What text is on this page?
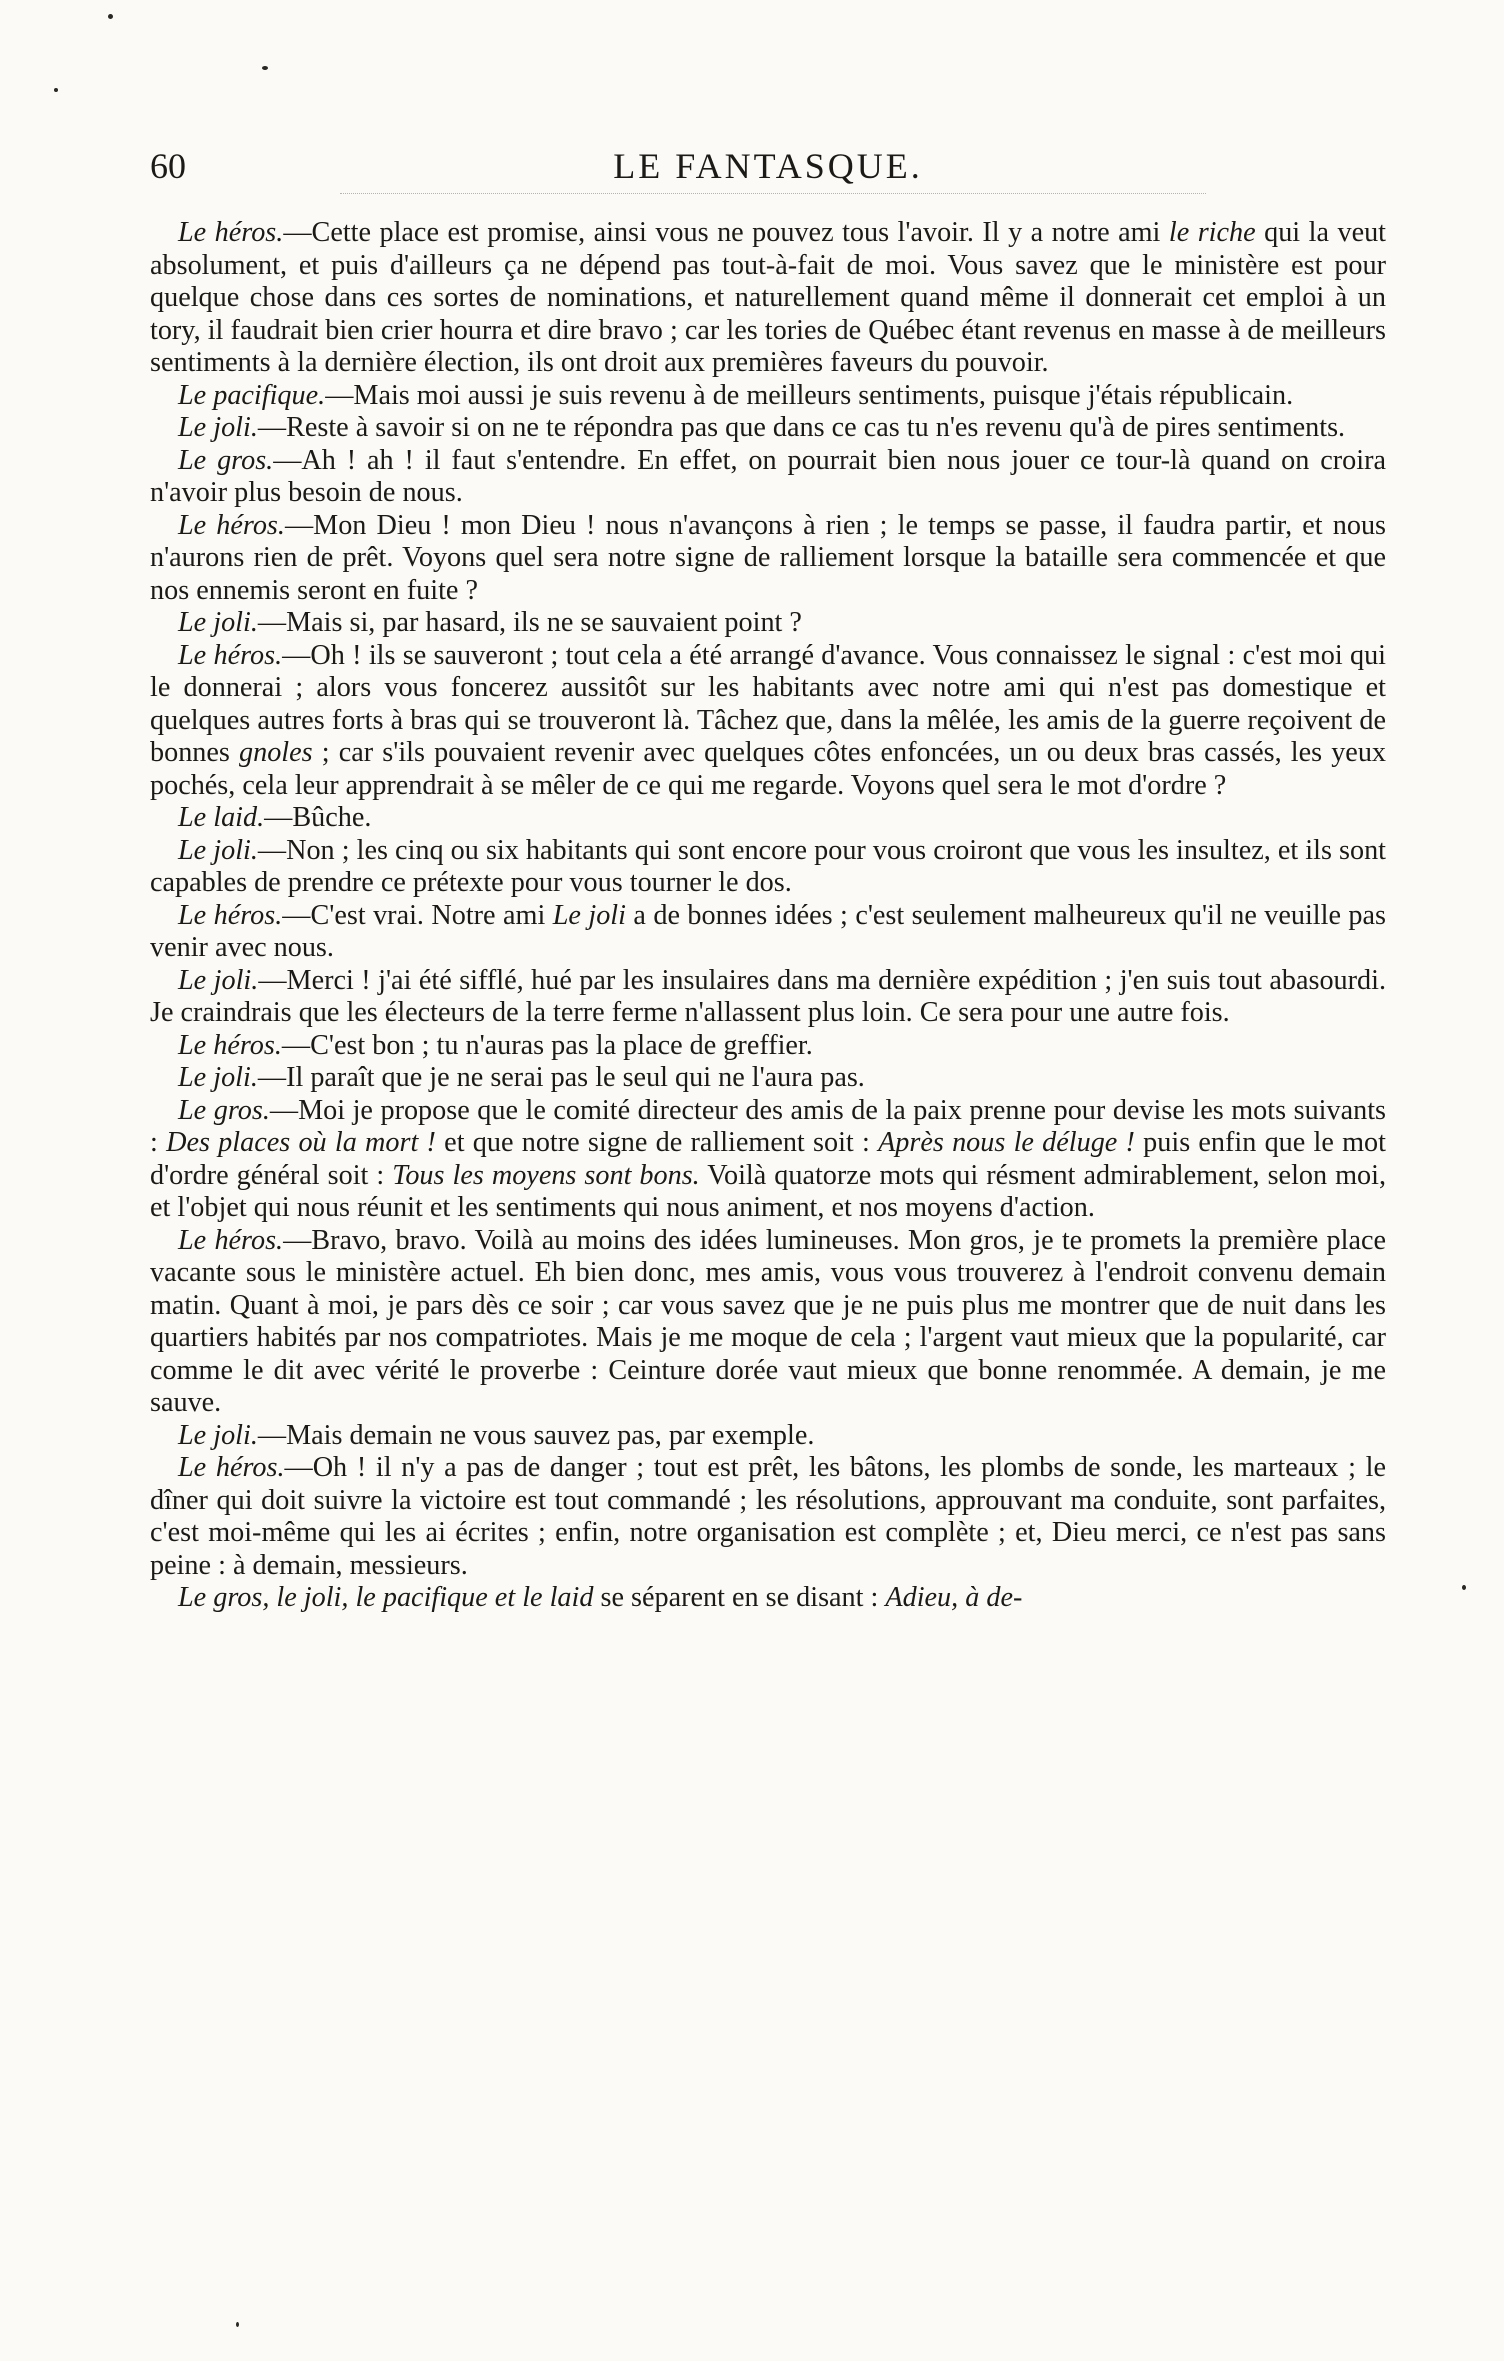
60	LE FANTASQUE.

Le héros.—Cette place est promise, ainsi vous ne pouvez tous l'avoir. Il y a notre ami le riche qui la veut absolument, et puis d'ailleurs ça ne dépend pas tout-à-fait de moi. Vous savez que le ministère est pour quelque chose dans ces sortes de nominations, et naturellement quand même il donnerait cet emploi à un tory, il faudrait bien crier hourra et dire bravo ; car les tories de Québec étant revenus en masse à de meilleurs sentiments à la dernière élection, ils ont droit aux premières faveurs du pouvoir.

Le pacifique.—Mais moi aussi je suis revenu à de meilleurs sentiments, puisque j'étais républicain.

Le joli.—Reste à savoir si on ne te répondra pas que dans ce cas tu n'es revenu qu'à de pires sentiments.

Le gros.—Ah ! ah ! il faut s'entendre. En effet, on pourrait bien nous jouer ce tour-là quand on croira n'avoir plus besoin de nous.

Le héros.—Mon Dieu ! mon Dieu ! nous n'avançons à rien ; le temps se passe, il faudra partir, et nous n'aurons rien de prêt. Voyons quel sera notre signe de ralliement lorsque la bataille sera commencée et que nos ennemis seront en fuite ?

Le joli.—Mais si, par hasard, ils ne se sauvaient point ?

Le héros.—Oh ! ils se sauveront ; tout cela a été arrangé d'avance. Vous connaissez le signal : c'est moi qui le donnerai ; alors vous foncerez aussitôt sur les habitants avec notre ami qui n'est pas domestique et quelques autres forts à bras qui se trouveront là. Tâchez que, dans la mêlée, les amis de la guerre reçoivent de bonnes gnoles ; car s'ils pouvaient revenir avec quelques côtes enfoncées, un ou deux bras cassés, les yeux pochés, cela leur apprendrait à se mêler de ce qui me regarde. Voyons quel sera le mot d'ordre ?

Le laid.—Bûche.

Le joli.—Non ; les cinq ou six habitants qui sont encore pour vous croiront que vous les insultez, et ils sont capables de prendre ce prétexte pour vous tourner le dos.

Le héros.—C'est vrai. Notre ami Le joli a de bonnes idées ; c'est seulement malheureux qu'il ne veuille pas venir avec nous.

Le joli.—Merci ! j'ai été sifflé, hué par les insulaires dans ma dernière expédition ; j'en suis tout abasourdi. Je craindrais que les électeurs de la terre ferme n'allassent plus loin. Ce sera pour une autre fois.

Le héros.—C'est bon ; tu n'auras pas la place de greffier.

Le joli.—Il paraît que je ne serai pas le seul qui ne l'aura pas.

Le gros.—Moi je propose que le comité directeur des amis de la paix prenne pour devise les mots suivants : Des places où la mort ! et que notre signe de ralliement soit : Après nous le déluge ! puis enfin que le mot d'ordre général soit : Tous les moyens sont bons. Voilà quatorze mots qui résment admirablement, selon moi, et l'objet qui nous réunit et les sentiments qui nous animent, et nos moyens d'action.

Le héros.—Bravo, bravo. Voilà au moins des idées lumineuses. Mon gros, je te promets la première place vacante sous le ministère actuel. Eh bien donc, mes amis, vous vous trouverez à l'endroit convenu demain matin. Quant à moi, je pars dès ce soir ; car vous savez que je ne puis plus me montrer que de nuit dans les quartiers habités par nos compatriotes. Mais je me moque de cela ; l'argent vaut mieux que la popularité, car comme le dit avec vérité le proverbe : Ceinture dorée vaut mieux que bonne renommée. A demain, je me sauve.

Le joli.—Mais demain ne vous sauvez pas, par exemple.

Le héros.—Oh ! il n'y a pas de danger ; tout est prêt, les bâtons, les plombs de sonde, les marteaux ; le dîner qui doit suivre la victoire est tout commandé ; les résolutions, approuvant ma conduite, sont parfaites, c'est moi-même qui les ai écrites ; enfin, notre organisation est complète ; et, Dieu merci, ce n'est pas sans peine : à demain, messieurs.

Le gros, le joli, le pacifique et le laid se séparent en se disant : Adieu, à de-
